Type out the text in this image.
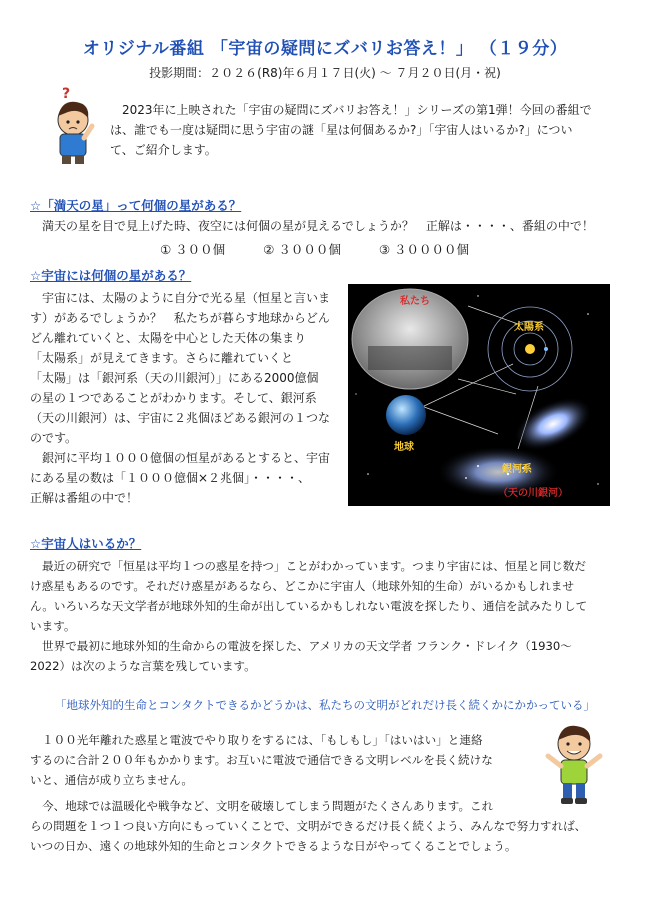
オリジナル番組 「宇宙の疑問にズバリお答え！」 （１９分）
投影期間：２０２６(R8)年６月１７日(火) ～ ７月２０日(月・祝)
?

2023年に上映された「宇宙の疑問にズバリお答え！」シリーズの第1弾！今回の番組で

は、誰でも一度は疑問に思う宇宙の謎「星は何個あるか?」「宇宙人はいるか?」につい

て、ご紹介します。

☆「満天の星」って何個の星がある？
満天の星を目で見上げた時、夜空には何個の星が見えるでしょうか？　正解は・・・・、番組の中で！
① ３００個	② ３０００個	③ ３００００個
☆宇宙には何個の星がある？

宇宙には、太陽のように自分で光る星（恒星と言いま

す）があるでしょうか？　私たちが暮らす地球からどん

どん離れていくと、太陽を中心とした天体の集まり

「太陽系」が見えてきます。さらに離れていくと

「太陽」は「銀河系（天の川銀河）」にある2000億個

の星の１つであることがわかります。そして、銀河系

（天の川銀河）は、宇宙に２兆個ほどある銀河の１つな

のです。

銀河に平均１０００億個の恒星があるとすると、宇宙

にある星の数は「１０００億個×２兆個」・・・・、

正解は番組の中で！

私たち
太陽系
地球
銀河系
（天の川銀河）
☆宇宙人はいるか？

最近の研究で「恒星は平均１つの惑星を持つ」ことがわかっています。つまり宇宙には、恒星と同じ数だ

け惑星もあるのです。それだけ惑星があるなら、どこかに宇宙人（地球外知的生命）がいるかもしれませ

ん。いろいろな天文学者が地球外知的生命が出しているかもしれない電波を探したり、通信を試みたりして

います。

世界で最初に地球外知的生命からの電波を探した、アメリカの天文学者 フランク・ドレイク（1930～

2022）は次のような言葉を残しています。

「地球外知的生命とコンタクトできるかどうかは、私たちの文明がどれだけ長く続くかにかかっている」

１００光年離れた惑星と電波でやり取りをするには、「もしもし」「はいはい」と連絡

するのに合計２００年もかかります。お互いに電波で通信できる文明レベルを長く続けな

いと、通信が成り立ちません。

今、地球では温暖化や戦争など、文明を破壊してしまう問題がたくさんあります。これ

らの問題を１つ１つ良い方向にもっていくことで、文明ができるだけ長く続くよう、みんなで努力すれば、

いつの日か、遠くの地球外知的生命とコンタクトできるような日がやってくることでしょう。
